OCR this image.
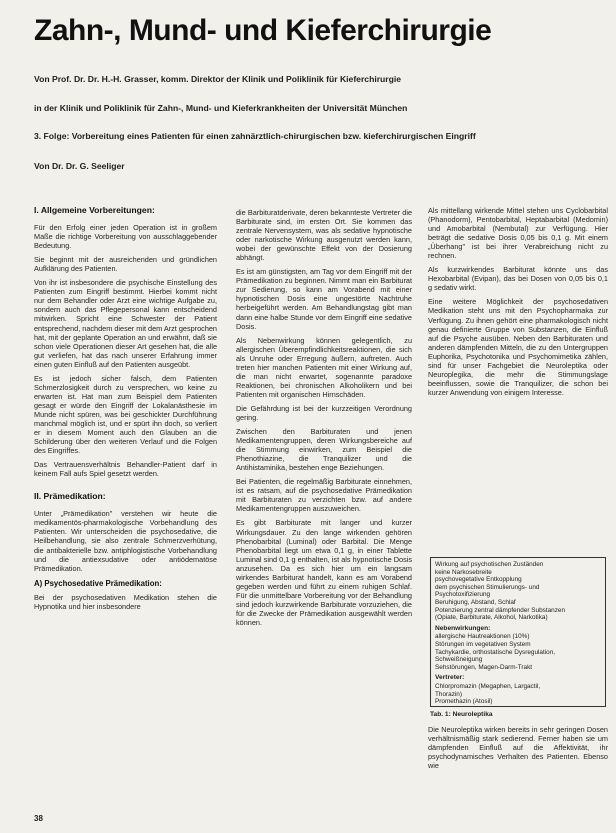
Zahn-, Mund- und Kieferchirurgie

Von Prof. Dr. Dr. H.-H. Grasser, komm. Direktor der Klinik und Poliklinik für Kieferchirurgie

in der Klinik und Poliklinik für Zahn-, Mund- und Kieferkrankheiten der Universität München

3. Folge: Vorbereitung eines Patienten für einen zahnärztlich-chirurgischen bzw. kieferchirurgischen Eingriff

Von Dr. Dr. G. Seeliger

I. Allgemeine Vorbereitungen:

Für den Erfolg einer jeden Operation ist in großem Maße die richtige Vorbereitung von ausschlaggebender Bedeutung.

Sie beginnt mit der ausreichenden und gründlichen Aufklärung des Patienten.

Von ihr ist insbesondere die psychische Einstellung des Patienten zum Eingriff bestimmt. Hierbei kommt nicht nur dem Behandler oder Arzt eine wichtige Aufgabe zu, sondern auch das Pflegepersonal kann entscheidend mitwirken. Spricht eine Schwester der Patient entsprechend, nachdem dieser mit dem Arzt gesprochen hat, mit der geplante Operation an und erwähnt, daß sie schon viele Operationen dieser Art gesehen hat, die alle gut verliefen, hat das nach unserer Erfahrung immer einen guten Einfluß auf den Patienten ausgeübt.

Es ist jedoch sicher falsch, dem Patienten Schmerzlosigkeit durch zu versprechen, wo keine zu erwarten ist. Hat man zum Beispiel dem Patienten gesagt er würde den Eingriff der Lokalanästhesie im Munde nicht spüren, was bei geschickter Durchführung manchmal möglich ist, und er spürt ihn doch, so verliert er in diesem Moment auch den Glauben an die Schilderung über den weiteren Verlauf und die Folgen des Eingriffes.

Das Vertrauensverhältnis Behandler-Patient darf in keinem Fall aufs Spiel gesetzt werden.

II. Prämedikation:

Unter „Prämedikation" verstehen wir heute die medikamentös-pharmakologische Vorbehandlung des Patienten. Wir unterscheiden die psychosedative, die Heilbehandlung, sie also zentrale Schmerzverhütung, die antibakterielle bzw. antiphlogistische Vorbehandlung und die antiexsudative oder antiödematöse Prämedikation.

A) Psychosedative Prämedikation:

Bei der psychosedativen Medikation stehen die Hypnotika und hier insbesondere

die Barbituratderivate, deren bekannteste Vertreter die Barbiturate sind, im ersten Ort. Sie kommen das zentrale Nervensystem, was als sedative hypnotische oder narkotische Wirkung ausgenutzt werden kann, wobei der gewünschte Effekt von der Dosierung abhängt.

Es ist am günstigsten, am Tag vor dem Eingriff mit der Prämedikation zu beginnen. Nimmt man ein Barbiturat zur Sedierung, so kann am Vorabend mit einer hypnotischen Dosis eine ungestörte Nachtruhe herbeigeführt werden. Am Behandlungstag gibt man dann eine halbe Stunde vor dem Eingriff eine sedative Dosis.

Als Nebenwirkung können gelegentlich, zu allergischen Überempfindlichkeitsreaktionen, die sich als Unruhe oder Erregung äußern, auftreten. Auch treten hier manchen Patienten mit einer Wirkung auf, die man nicht erwartet, sogenannte paradoxe Reaktionen, bei chronischen Alkoholikern und bei Patienten mit organischen Hirnschäden.

Die Gefährdung ist bei der kurzzeitigen Verordnung gering.

Zwischen den Barbituraten und jenen Medikamentengruppen, deren Wirkungsbereiche auf die Stimmung einwirken, zum Beispiel die Phenothiazine, die Tranquilizer und die Antihistaminika, bestehen enge Beziehungen.

Bei Patienten, die regelmäßig Barbiturate einnehmen, ist es ratsam, auf die psychosedative Prämedikation mit Barbituraten zu verzichten bzw. auf andere Medikamentengruppen auszuweichen.

Es gibt Barbiturate mit langer und kurzer Wirkungsdauer. Zu den lange wirkenden gehören Phenobarbital (Luminal) oder Barbital. Die Menge Phenobarbital liegt um etwa 0,1 g, in einer Tablette Luminal sind 0,1 g enthalten, ist als hypnotische Dosis anzusehen. Da es sich hier um ein langsam wirkendes Barbiturat handelt, kann es am Vorabend gegeben werden und führt zu einem ruhigen Schlaf. Für die unmittelbare Vorbereitung vor der Behandlung sind jedoch kurzwirkende Barbiturate vorzuziehen, die für die Zwecke der Prämedikation ausgewählt werden können.

Als mittellang wirkende Mittel stehen uns Cyclobarbital (Phanodorm), Pentobarbital, Heptabarbital (Medomin) und Amobarbital (Nembutal) zur Verfügung. Hier beträgt die sedative Dosis 0,05 bis 0,1 g. Mit einem „Überhang" ist bei ihrer Verabreichung nicht zu rechnen.

Als kurzwirkendes Barbiturat könnte uns das Hexobarbital (Evipan), das bei Dosen von 0,05 bis 0,1 g sedativ wirkt.

Eine weitere Möglichkeit der psychosedativen Medikation steht uns mit den Psychopharmaka zur Verfügung. Zu ihnen gehört eine pharmakologisch nicht genau definierte Gruppe von Substanzen, die Einfluß auf die Psyche ausüben. Neben den Barbituraten und anderen dämpfenden Mitteln, die zu den Untergruppen Euphorika, Psychotonika und Psychomimetika zählen, sind für unser Fachgebiet die Neuroleptika oder Neuroplegika, die mehr die Stimmungslage beeinflussen, sowie die Tranquilizer, die schon bei kurzer Anwendung von einigem Interesse.

Wirkung auf psychotischen Zuständen
keine Narkosebreite
psychovegetative Entkopplung
dem psychischen Stimulierungs- und
Psychotoxifizierung
Beruhigung, Abstand, Schlaf
Potenzierung zentral dämpfender Substanzen
(Opiate, Barbiturate, Alkohol, Narkotika)
Nebenwirkungen:
allergische Hautreaktionen (10%)
Störungen im vegetativen System
Tachykardie, orthostatische Dysregulation,
Schweißneigung
Sehstörungen, Magen-Darm-Trakt
Vertreter:
Chlorpromazin (Megaphen, Largactil,
Thorazin)
Promethazin (Atosil)

Tab. 1: Neuroleptika

Die Neuroleptika wirken bereits in sehr geringen Dosen verhältnismäßig stark sedierend. Ferner haben sie um dämpfenden Einfluß auf die Affektivität, ihr psychodynamisches Verhalten des Patienten. Ebenso wie

38
